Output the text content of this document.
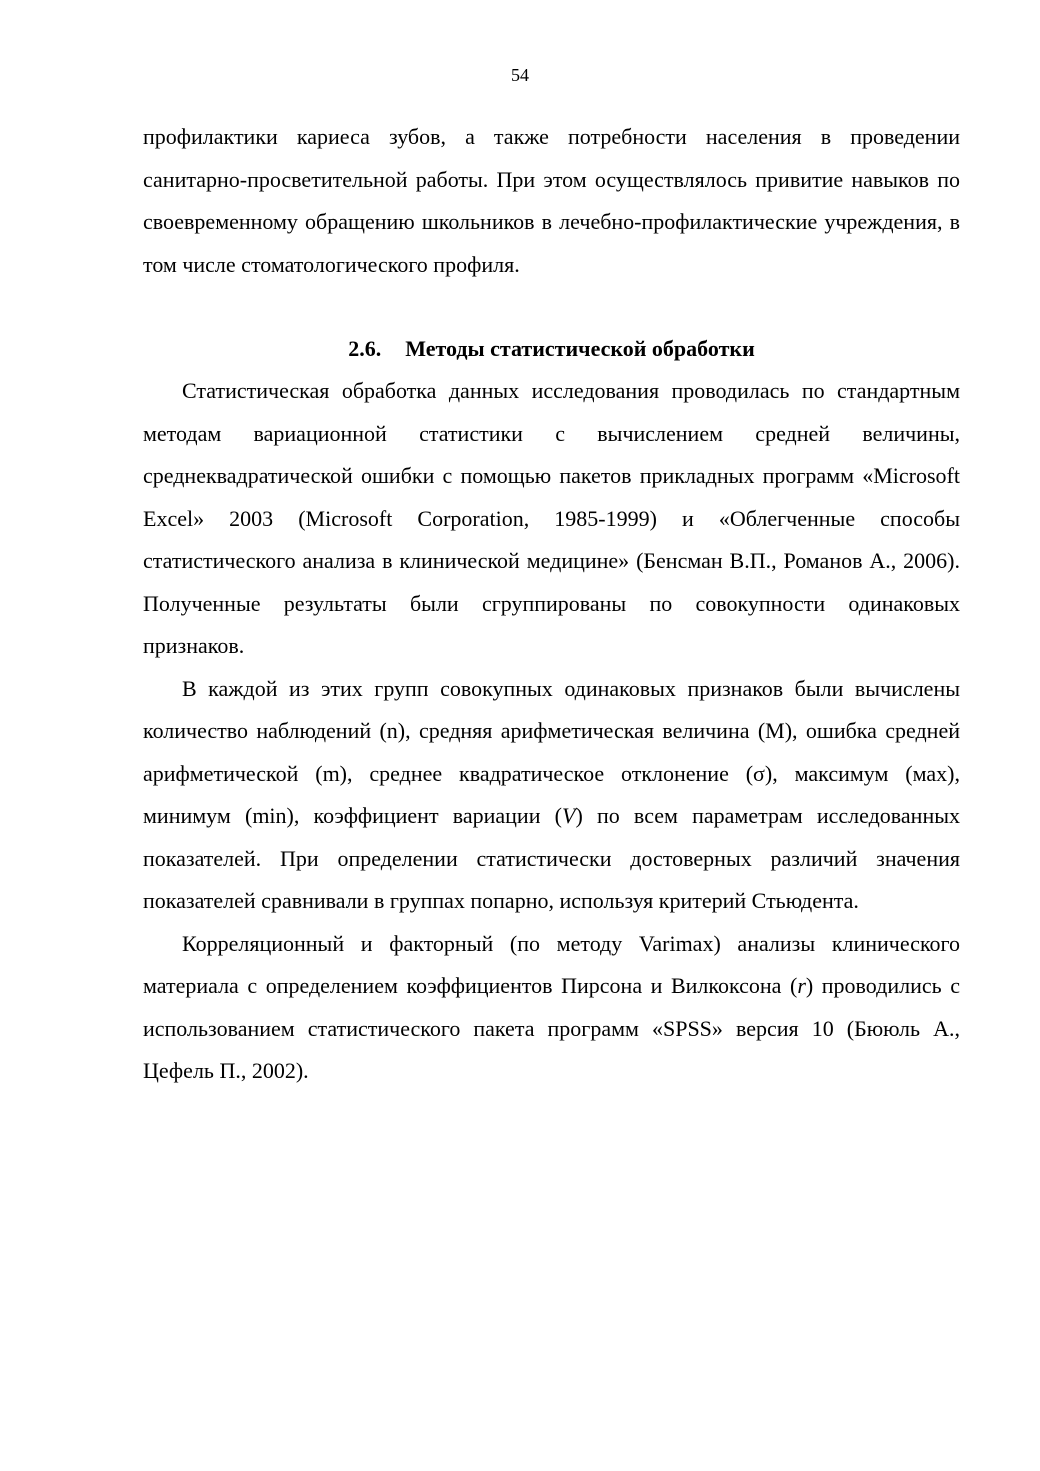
54

профилактики кариеса зубов, а также потребности населения в проведении санитарно-просветительной работы. При этом осуществлялось привитие навыков по своевременному обращению школьников в лечебно-профилактические учреждения, в том числе стоматологического профиля.

2.6. Методы статистической обработки

Статистическая обработка данных исследования проводилась по стандартным методам вариационной статистики с вычислением средней величины, среднеквадратической ошибки с помощью пакетов прикладных программ «Microsoft Excel» 2003 (Microsoft Corporation, 1985-1999) и «Облегченные способы статистического анализа в клинической медицине» (Бенсман В.П., Романов А., 2006). Полученные результаты были сгруппированы по совокупности одинаковых признаков.

В каждой из этих групп совокупных одинаковых признаков были вычислены количество наблюдений (n), средняя арифметическая величина (М), ошибка средней арифметической (m), среднее квадратическое отклонение (σ), максимум (мах), минимум (min), коэффициент вариации (V) по всем параметрам исследованных показателей. При определении статистически достоверных различий значения показателей сравнивали в группах попарно, используя критерий Стьюдента.

Корреляционный и факторный (по методу Varimax) анализы клинического материала с определением коэффициентов Пирсона и Вилкоксона (r) проводились с использованием статистического пакета программ «SPSS» версия 10 (Бююль А., Цефель П., 2002).
